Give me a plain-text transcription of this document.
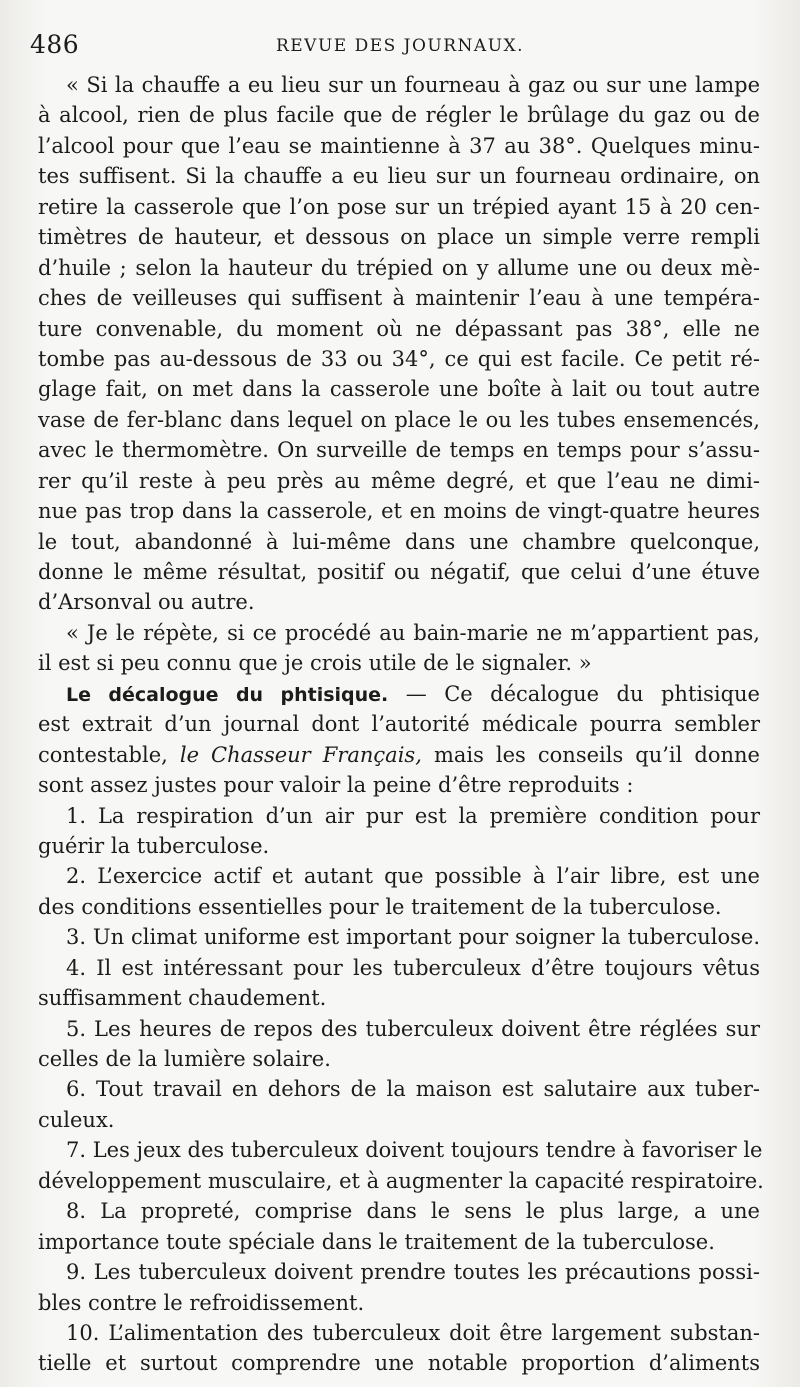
486	REVUE DES JOURNAUX.
« Si la chauffe a eu lieu sur un fourneau à gaz ou sur une lampe
à alcool, rien de plus facile que de régler le brûlage du gaz ou de
l’alcool pour que l’eau se maintienne à 37 au 38°. Quelques minu-
tes suffisent. Si la chauffe a eu lieu sur un fourneau ordinaire, on
retire la casserole que l’on pose sur un trépied ayant 15 à 20 cen-
timètres de hauteur, et dessous on place un simple verre rempli
d’huile ; selon la hauteur du trépied on y allume une ou deux mè-
ches de veilleuses qui suffisent à maintenir l’eau à une tempéra-
ture convenable, du moment où ne dépassant pas 38°, elle ne
tombe pas au-dessous de 33 ou 34°, ce qui est facile. Ce petit ré-
glage fait, on met dans la casserole une boîte à lait ou tout autre
vase de fer-blanc dans lequel on place le ou les tubes ensemencés,
avec le thermomètre. On surveille de temps en temps pour s’assu-
rer qu’il reste à peu près au même degré, et que l’eau ne dimi-
nue pas trop dans la casserole, et en moins de vingt-quatre heures
le tout, abandonné à lui-même dans une chambre quelconque,
donne le même résultat, positif ou négatif, que celui d’une étuve
d’Arsonval ou autre.
« Je le répète, si ce procédé au bain-marie ne m’appartient pas,
il est si peu connu que je crois utile de le signaler. »
Le décalogue du phtisique. — Ce décalogue du phtisique
est extrait d’un journal dont l’autorité médicale pourra sembler
contestable, le Chasseur Français, mais les conseils qu’il donne
sont assez justes pour valoir la peine d’être reproduits :
1. La respiration d’un air pur est la première condition pour
guérir la tuberculose.
2. L’exercice actif et autant que possible à l’air libre, est une
des conditions essentielles pour le traitement de la tuberculose.
3. Un climat uniforme est important pour soigner la tuberculose.
4. Il est intéressant pour les tuberculeux d’être toujours vêtus
suffisamment chaudement.
5. Les heures de repos des tuberculeux doivent être réglées sur
celles de la lumière solaire.
6. Tout travail en dehors de la maison est salutaire aux tuber-
culeux.
7. Les jeux des tuberculeux doivent toujours tendre à favoriser le
développement musculaire, et à augmenter la capacité respiratoire.
8. La propreté, comprise dans le sens le plus large, a une
importance toute spéciale dans le traitement de la tuberculose.
9. Les tuberculeux doivent prendre toutes les précautions possi-
bles contre le refroidissement.
10. L’alimentation des tuberculeux doit être largement substan-
tielle et surtout comprendre une notable proportion d’aliments
